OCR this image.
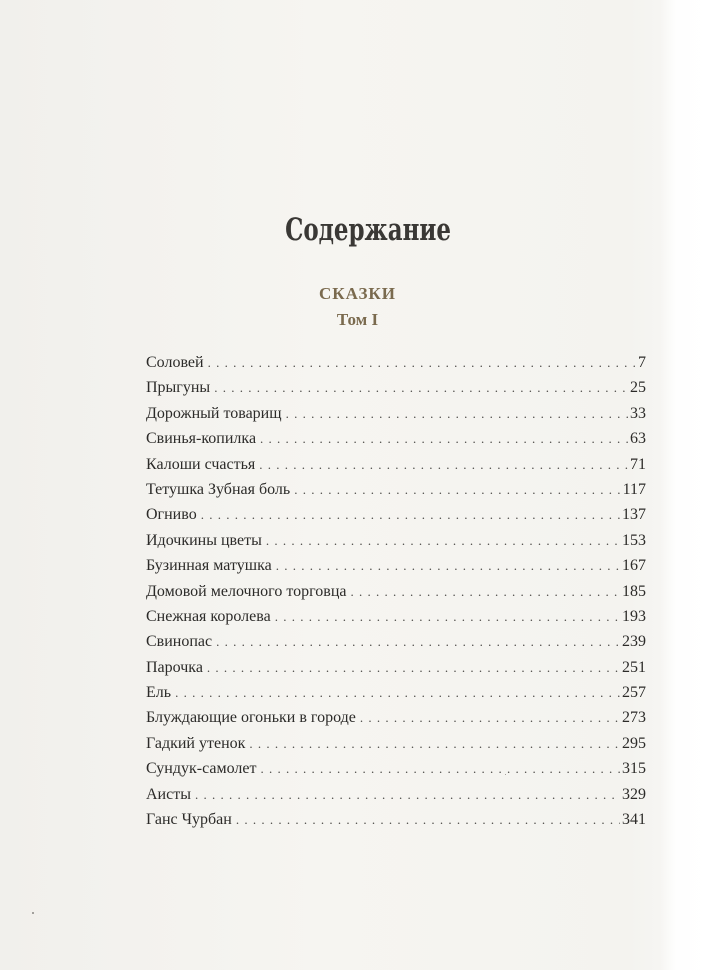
Содержание
СКАЗКИ
Том I
Соловей . . .	7
Прыгуны . . .	25
Дорожный товарищ . . .	33
Свинья-копилка . . .	63
Калоши счастья . . .	71
Тетушка Зубная боль . . .	117
Огниво . . .	137
Идочкины цветы . . .	153
Бузинная матушка . . .	167
Домовой мелочного торговца . . .	185
Снежная королева . . .	193
Свинопас . . .	239
Парочка . . .	251
Ель . . .	257
Блуждающие огоньки в городе . . .	273
Гадкий утенок . . .	295
Сундук-самолет . . .	315
Аисты . . .	329
Ганс Чурбан . . .	341
